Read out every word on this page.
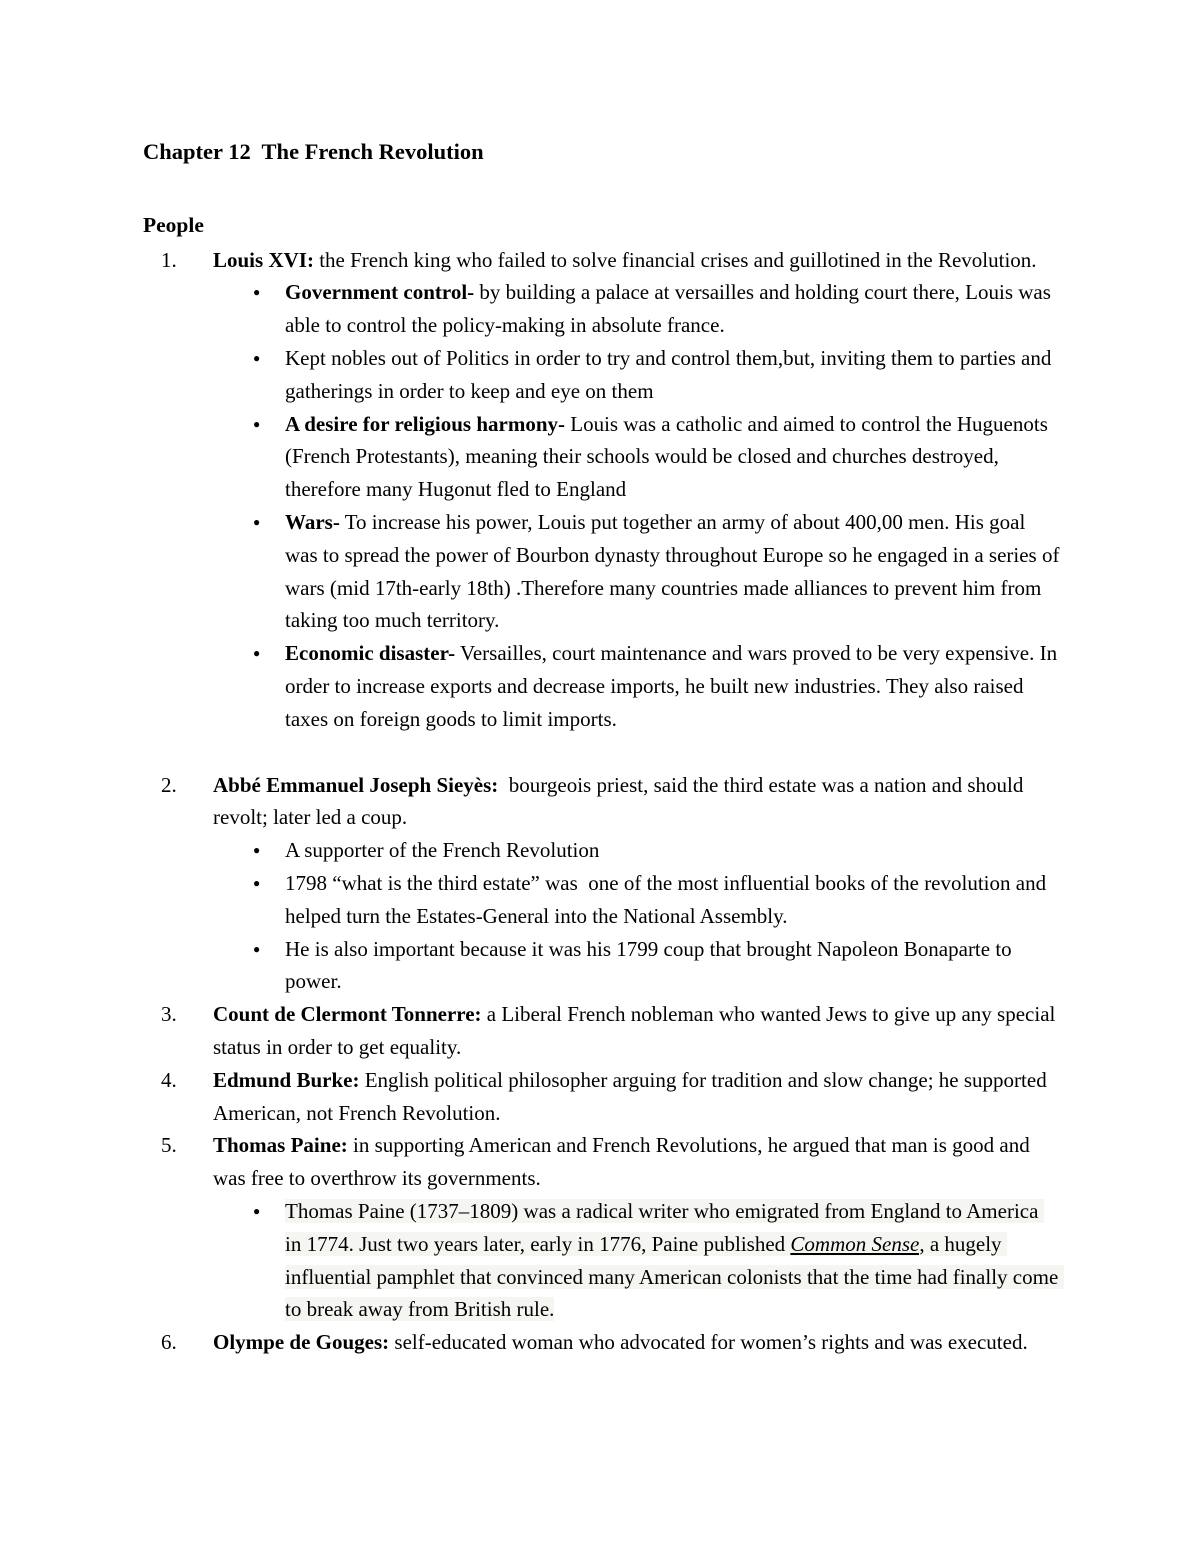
Chapter 12  The French Revolution
People
1.	Louis XVI: the French king who failed to solve financial crises and guillotined in the Revolution.

●	Government control- by building a palace at versailles and holding court there, Louis was able to control the policy-making in absolute france.

●	Kept nobles out of Politics in order to try and control them,but, inviting them to parties and gatherings in order to keep and eye on them

●	A desire for religious harmony- Louis was a catholic and aimed to control the Huguenots (French Protestants), meaning their schools would be closed and churches destroyed, therefore many Hugonut fled to England

●	Wars- To increase his power, Louis put together an army of about 400,00 men. His goal was to spread the power of Bourbon dynasty throughout Europe so he engaged in a series of wars (mid 17th-early 18th) .Therefore many countries made alliances to prevent him from taking too much territory.

●	Economic disaster- Versailles, court maintenance and wars proved to be very expensive. In order to increase exports and decrease imports, he built new industries. They also raised taxes on foreign goods to limit imports.

2.	Abbé Emmanuel Joseph Sieyès:  bourgeois priest, said the third estate was a nation and should revolt; later led a coup.

●	A supporter of the French Revolution

●	1798 “what is the third estate” was  one of the most influential books of the revolution and helped turn the Estates-General into the National Assembly.

●	He is also important because it was his 1799 coup that brought Napoleon Bonaparte to power.

3.	Count de Clermont Tonnerre: a Liberal French nobleman who wanted Jews to give up any special status in order to get equality.

4.	Edmund Burke: English political philosopher arguing for tradition and slow change; he supported American, not French Revolution.

5.	Thomas Paine: in supporting American and French Revolutions, he argued that man is good and was free to overthrow its governments.

●	Thomas Paine (1737–1809) was a radical writer who emigrated from England to America in 1774. Just two years later, early in 1776, Paine published Common Sense, a hugely influential pamphlet that convinced many American colonists that the time had finally come to break away from British rule.

6.	Olympe de Gouges: self-educated woman who advocated for women’s rights and was executed.
